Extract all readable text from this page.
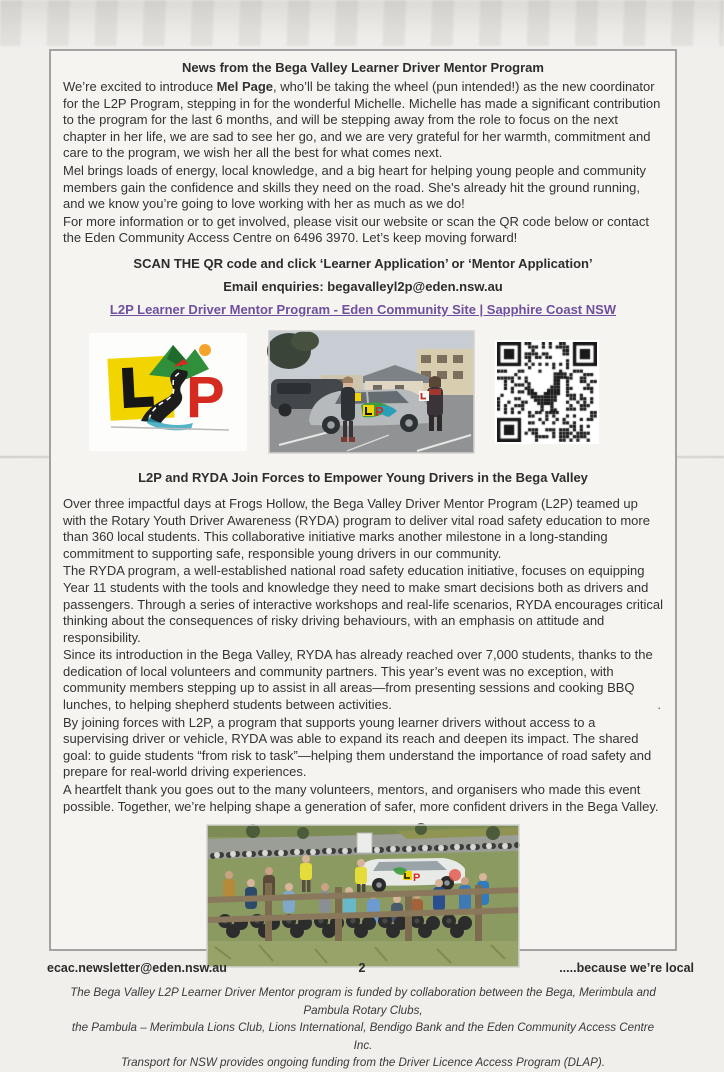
News from the Bega Valley Learner Driver Mentor Program

We’re excited to introduce Mel Page, who’ll be taking the wheel (pun intended!) as the new coordinator for the L2P Program, stepping in for the wonderful Michelle. Michelle has made a significant contribution to the program for the last 6 months, and will be stepping away from the role to focus on the next chapter in her life, we are sad to see her go, and we are very grateful for her warmth, commitment and care to the program, we wish her all the best for what comes next.

Mel brings loads of energy, local knowledge, and a big heart for helping young people and community members gain the confidence and skills they need on the road. She's already hit the ground running, and we know you’re going to love working with her as much as we do!

For more information or to get involved, please visit our website or scan the QR code below or contact the Eden Community Access Centre on 6496 3970. Let’s keep moving forward!

SCAN THE QR code and click ‘Learner Application’ or ‘Mentor Application’
Email enquiries: begavalleyl2p@eden.nsw.au
L2P Learner Driver Mentor Program - Eden Community Site | Sapphire Coast NSW
P	P
L2P and RYDA Join Forces to Empower Young Drivers in the Bega Valley

Over three impactful days at Frogs Hollow, the Bega Valley Driver Mentor Program (L2P) teamed up with the Rotary Youth Driver Awareness (RYDA) program to deliver vital road safety education to more than 360 local students. This collaborative initiative marks another milestone in a long-standing commitment to supporting safe, responsible young drivers in our community.

The RYDA program, a well-established national road safety education initiative, focuses on equipping Year 11 students with the tools and knowledge they need to make smart decisions both as drivers and passengers. Through a series of interactive workshops and real-life scenarios, RYDA encourages critical thinking about the consequences of risky driving behaviours, with an emphasis on attitude and responsibility.

Since its introduction in the Bega Valley, RYDA has already reached over 7,000 students, thanks to the dedication of local volunteers and community partners. This year’s event was no exception, with community members stepping up to assist in all areas—from presenting sessions and cooking BBQ lunches, to helping shepherd students between activities.	.

By joining forces with L2P, a program that supports young learner drivers without access to a supervising driver or vehicle, RYDA was able to expand its reach and deepen its impact. The shared goal: to guide students “from risk to task”—helping them understand the importance of road safety and prepare for real-world driving experiences.

A heartfelt thank you goes out to the many volunteers, mentors, and organisers who made this event possible. Together, we’re helping shape a generation of safer, more confident drivers in the Bega Valley.

P
The Bega Valley L2P Learner Driver Mentor program is funded by collaboration between the Bega, Merimbula and Pambula Rotary Clubs,
the Pambula – Merimbula Lions Club, Lions International, Bendigo Bank and the Eden Community Access Centre Inc.
Transport for NSW provides ongoing funding from the Driver Licence Access Program (DLAP).
ecac.newsletter@eden.nsw.au	2	.....because we’re local
